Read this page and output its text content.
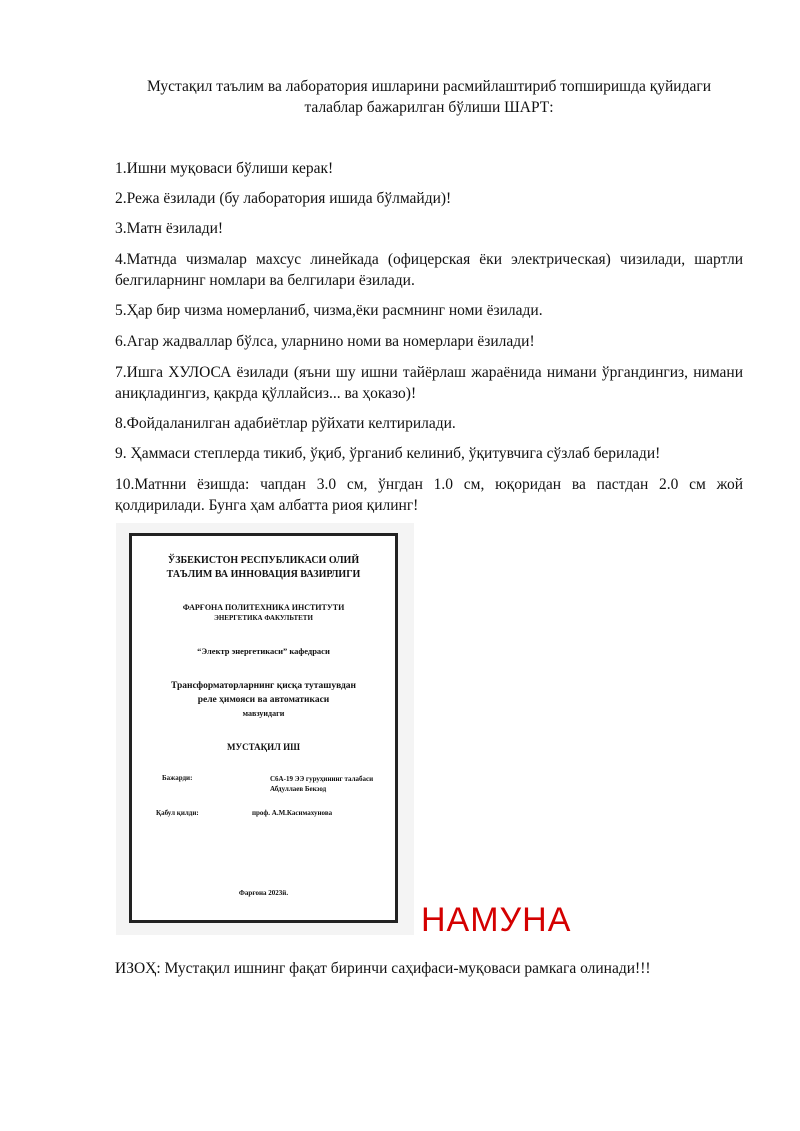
Мустақил таълим ва лаборатория ишларини расмийлаштириб топширишда қуйидаги
талаблар бажарилган бўлиши ШАРТ:

1.Ишни муқоваси бўлиши керак!

2.Режа ёзилади (бу лаборатория ишида бўлмайди)!

3.Матн ёзилади!

4.Матнда чизмалар махсус линейкада (офицерская ёки электрическая) чизилади, шартли белгиларнинг номлари ва белгилари ёзилади.

5.Ҳар бир чизма номерланиб, чизма,ёки расмнинг номи ёзилади.

6.Агар жадваллар бўлса, уларнино номи ва номерлари ёзилади!

7.Ишга ХУЛОСА ёзилади (яъни шу ишни тайёрлаш жараёнида нимани ўргандингиз, нимани аниқладингиз, қакрда қўллайсиз... ва ҳоказо)!

8.Фойдаланилган адабиётлар рўйхати келтирилади.

9. Ҳаммаси степлерда тикиб, ўқиб, ўрганиб келиниб, ўқитувчига сўзлаб берилади!

10.Матнни ёзишда: чапдан 3.0 см, ўнгдан 1.0 см, юқоридан ва пастдан 2.0 см жой қолдирилади. Бунга ҳам албатта риоя қилинг!

ЎЗБЕКИСТОН РЕСПУБЛИКАСИ ОЛИЙ
ТАЪЛИМ ВА ИННОВАЦИЯ ВАЗИРЛИГИ
ФАРҒОНА ПОЛИТЕХНИКА ИНСТИТУТИ
ЭНЕРГЕТИКА ФАКУЛЬТЕТИ
“Электр энергетикаси” кафедраси
Трансформаторларнинг қисқа туташувдан
реле ҳимояси ва автоматикаси
мавзуидаги
МУСТАҚИЛ ИШ
Бажарди:	С6А-19 ЭЭ гуруҳининг талабаси
Абдуллаев Бекзод
Қабул қилди:	проф. А.М.Касимахунова
Фарғона 2023й.
НАМУНА
ИЗОҲ: Мустақил ишнинг фақат биринчи саҳифаси-муқоваси рамкага олинади!!!
